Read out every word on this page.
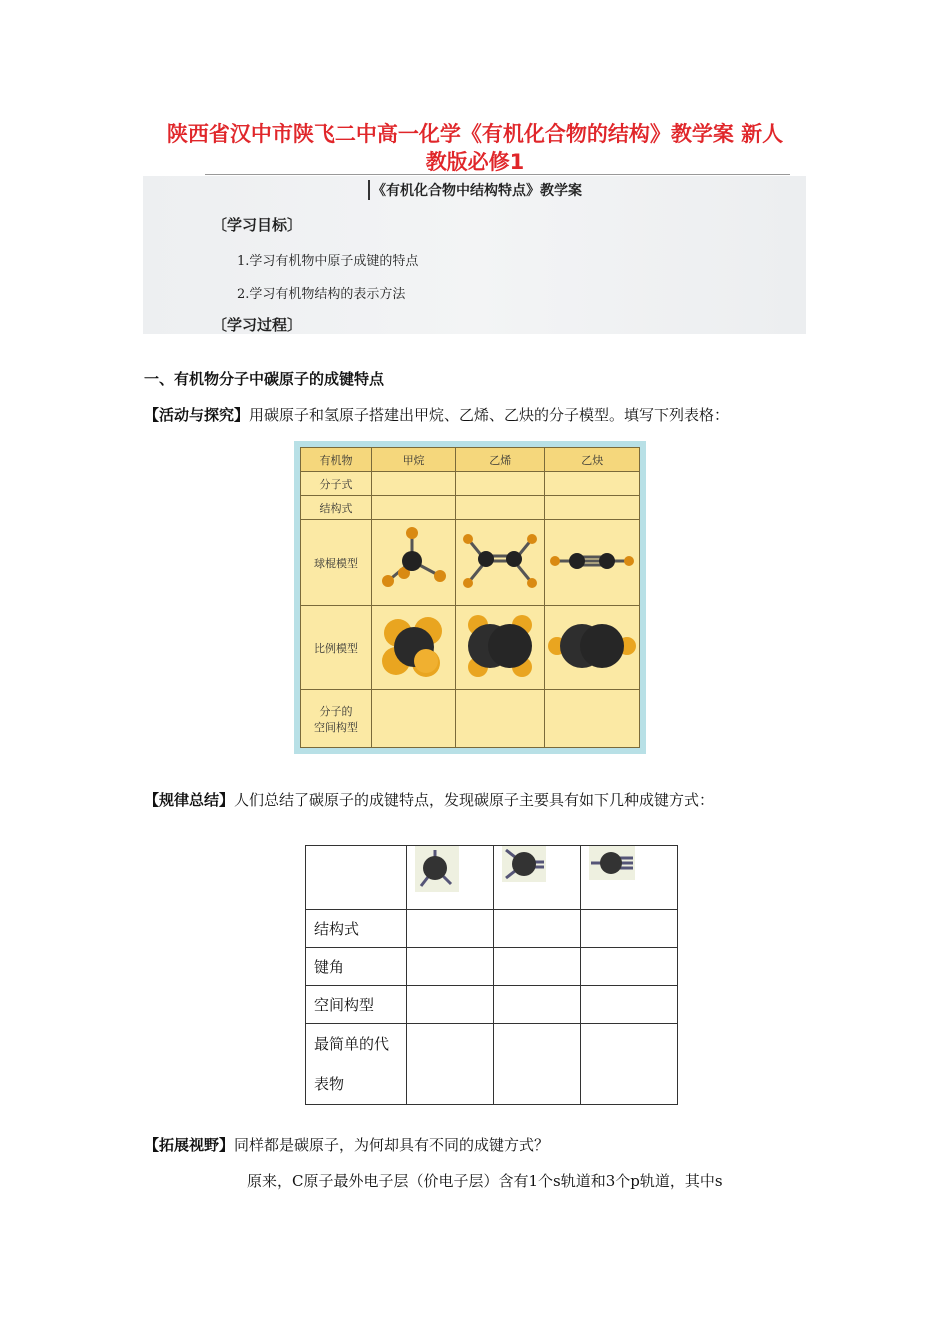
陕西省汉中市陕飞二中高一化学《有机化合物的结构》教学案 新人
教版必修1
《有机化合物中结构特点》教学案
〔学习目标〕
1.学习有机物中原子成键的特点
2.学习有机物结构的表示方法
〔学习过程〕
一、有机物分子中碳原子的成键特点
【活动与探究】用碳原子和氢原子搭建出甲烷、乙烯、乙炔的分子模型。填写下列表格：
有机物	甲烷	乙烯	乙炔
分子式			
结构式			
球棍模型			
比例模型			

分子的
空间构型			

【规律总结】人们总结了碳原子的成键特点，发现碳原子主要具有如下几种成键方式：

结构式			
键角			
空间构型			

最简单的代
表物			

【拓展视野】同样都是碳原子，为何却具有不同的成键方式？
原来，C原子最外电子层（价电子层）含有1个s轨道和3个p轨道，其中s
